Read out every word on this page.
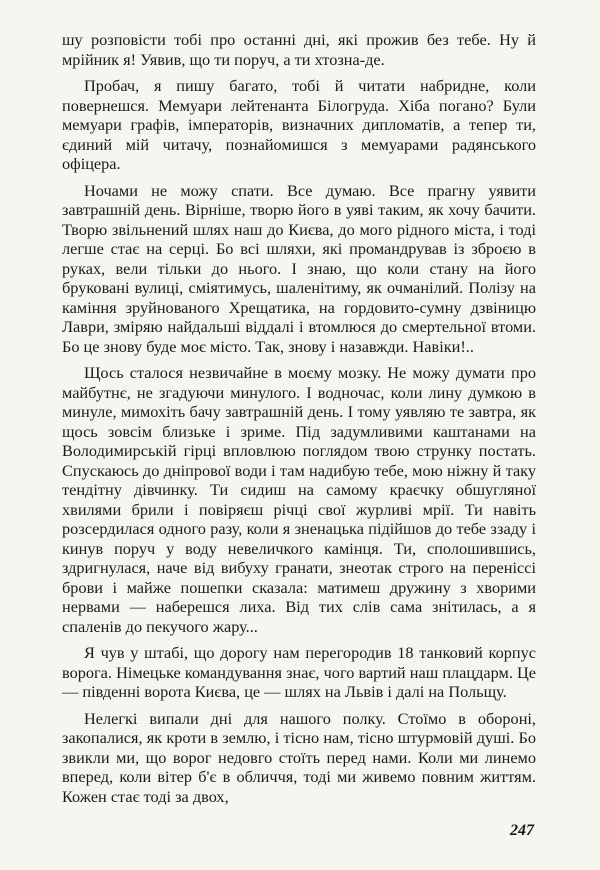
шу розповісти тобі про останні дні, які прожив без тебе. Ну й мрійник я! Уявив, що ти поруч, а ти хтозна-де.

Пробач, я пишу багато, тобі й читати набридне, коли повернешся. Мемуари лейтенанта Білогруда. Хіба погано? Були мемуари графів, імператорів, визначних дипломатів, а тепер ти, єдиний мій читачу, познайомишся з мемуарами радянського офіцера.

Ночами не можу спати. Все думаю. Все прагну уявити завтрашній день. Вірніше, творю його в уяві таким, як хочу бачити. Творю звільнений шлях наш до Києва, до мого рідного міста, і тоді легше стає на серці. Бо всі шляхи, які промандрував із зброєю в руках, вели тільки до нього. І знаю, що коли стану на його бруковані вулиці, сміятимусь, шаленітиму, як очманілий. Полізу на каміння зруйнованого Хрещатика, на гордовито-сумну дзвіницю Лаври, зміряю найдальші віддалі і втомлюся до смертельної втоми. Бо це знову буде моє місто. Так, знову і назавжди. Навіки!..

Щось сталося незвичайне в моєму мозку. Не можу думати про майбутнє, не згадуючи минулого. І водночас, коли лину думкою в минуле, мимохіть бачу завтрашній день. І тому уявляю те завтра, як щось зовсім близьке і зриме. Під задумливими каштанами на Володимирській гірці впловлюю поглядом твою струнку постать. Спускаюсь до дніпрової води і там надибую тебе, мою ніжну й таку тендітну дівчинку. Ти сидиш на самому краєчку обшугляної хвилями брили і повіряєш річці свої журливі мрії. Ти навіть розсердилася одного разу, коли я зненацька підійшов до тебе ззаду і кинув поруч у воду невеличкого камінця. Ти, сполошившись, здригнулася, наче від вибуху гранати, знеотак строго на переніссі брови і майже пошепки сказала: матимеш дружину з хворими нервами — наберешся лиха. Від тих слів сама знітилась, а я спаленів до пекучого жару...

Я чув у штабі, що дорогу нам перегородив 18 танковий корпус ворога. Німецьке командування знає, чого вартий наш плацдарм. Це — південні ворота Києва, це — шлях на Львів і далі на Польщу.

Нелегкі випали дні для нашого полку. Стоїмо в обороні, закопалися, як кроти в землю, і тісно нам, тісно штурмовій душі. Бо звикли ми, що ворог недовго стоїть перед нами. Коли ми линемо вперед, коли вітер б'є в обличчя, тоді ми живемо повним життям. Кожен стає тоді за двох,

247
